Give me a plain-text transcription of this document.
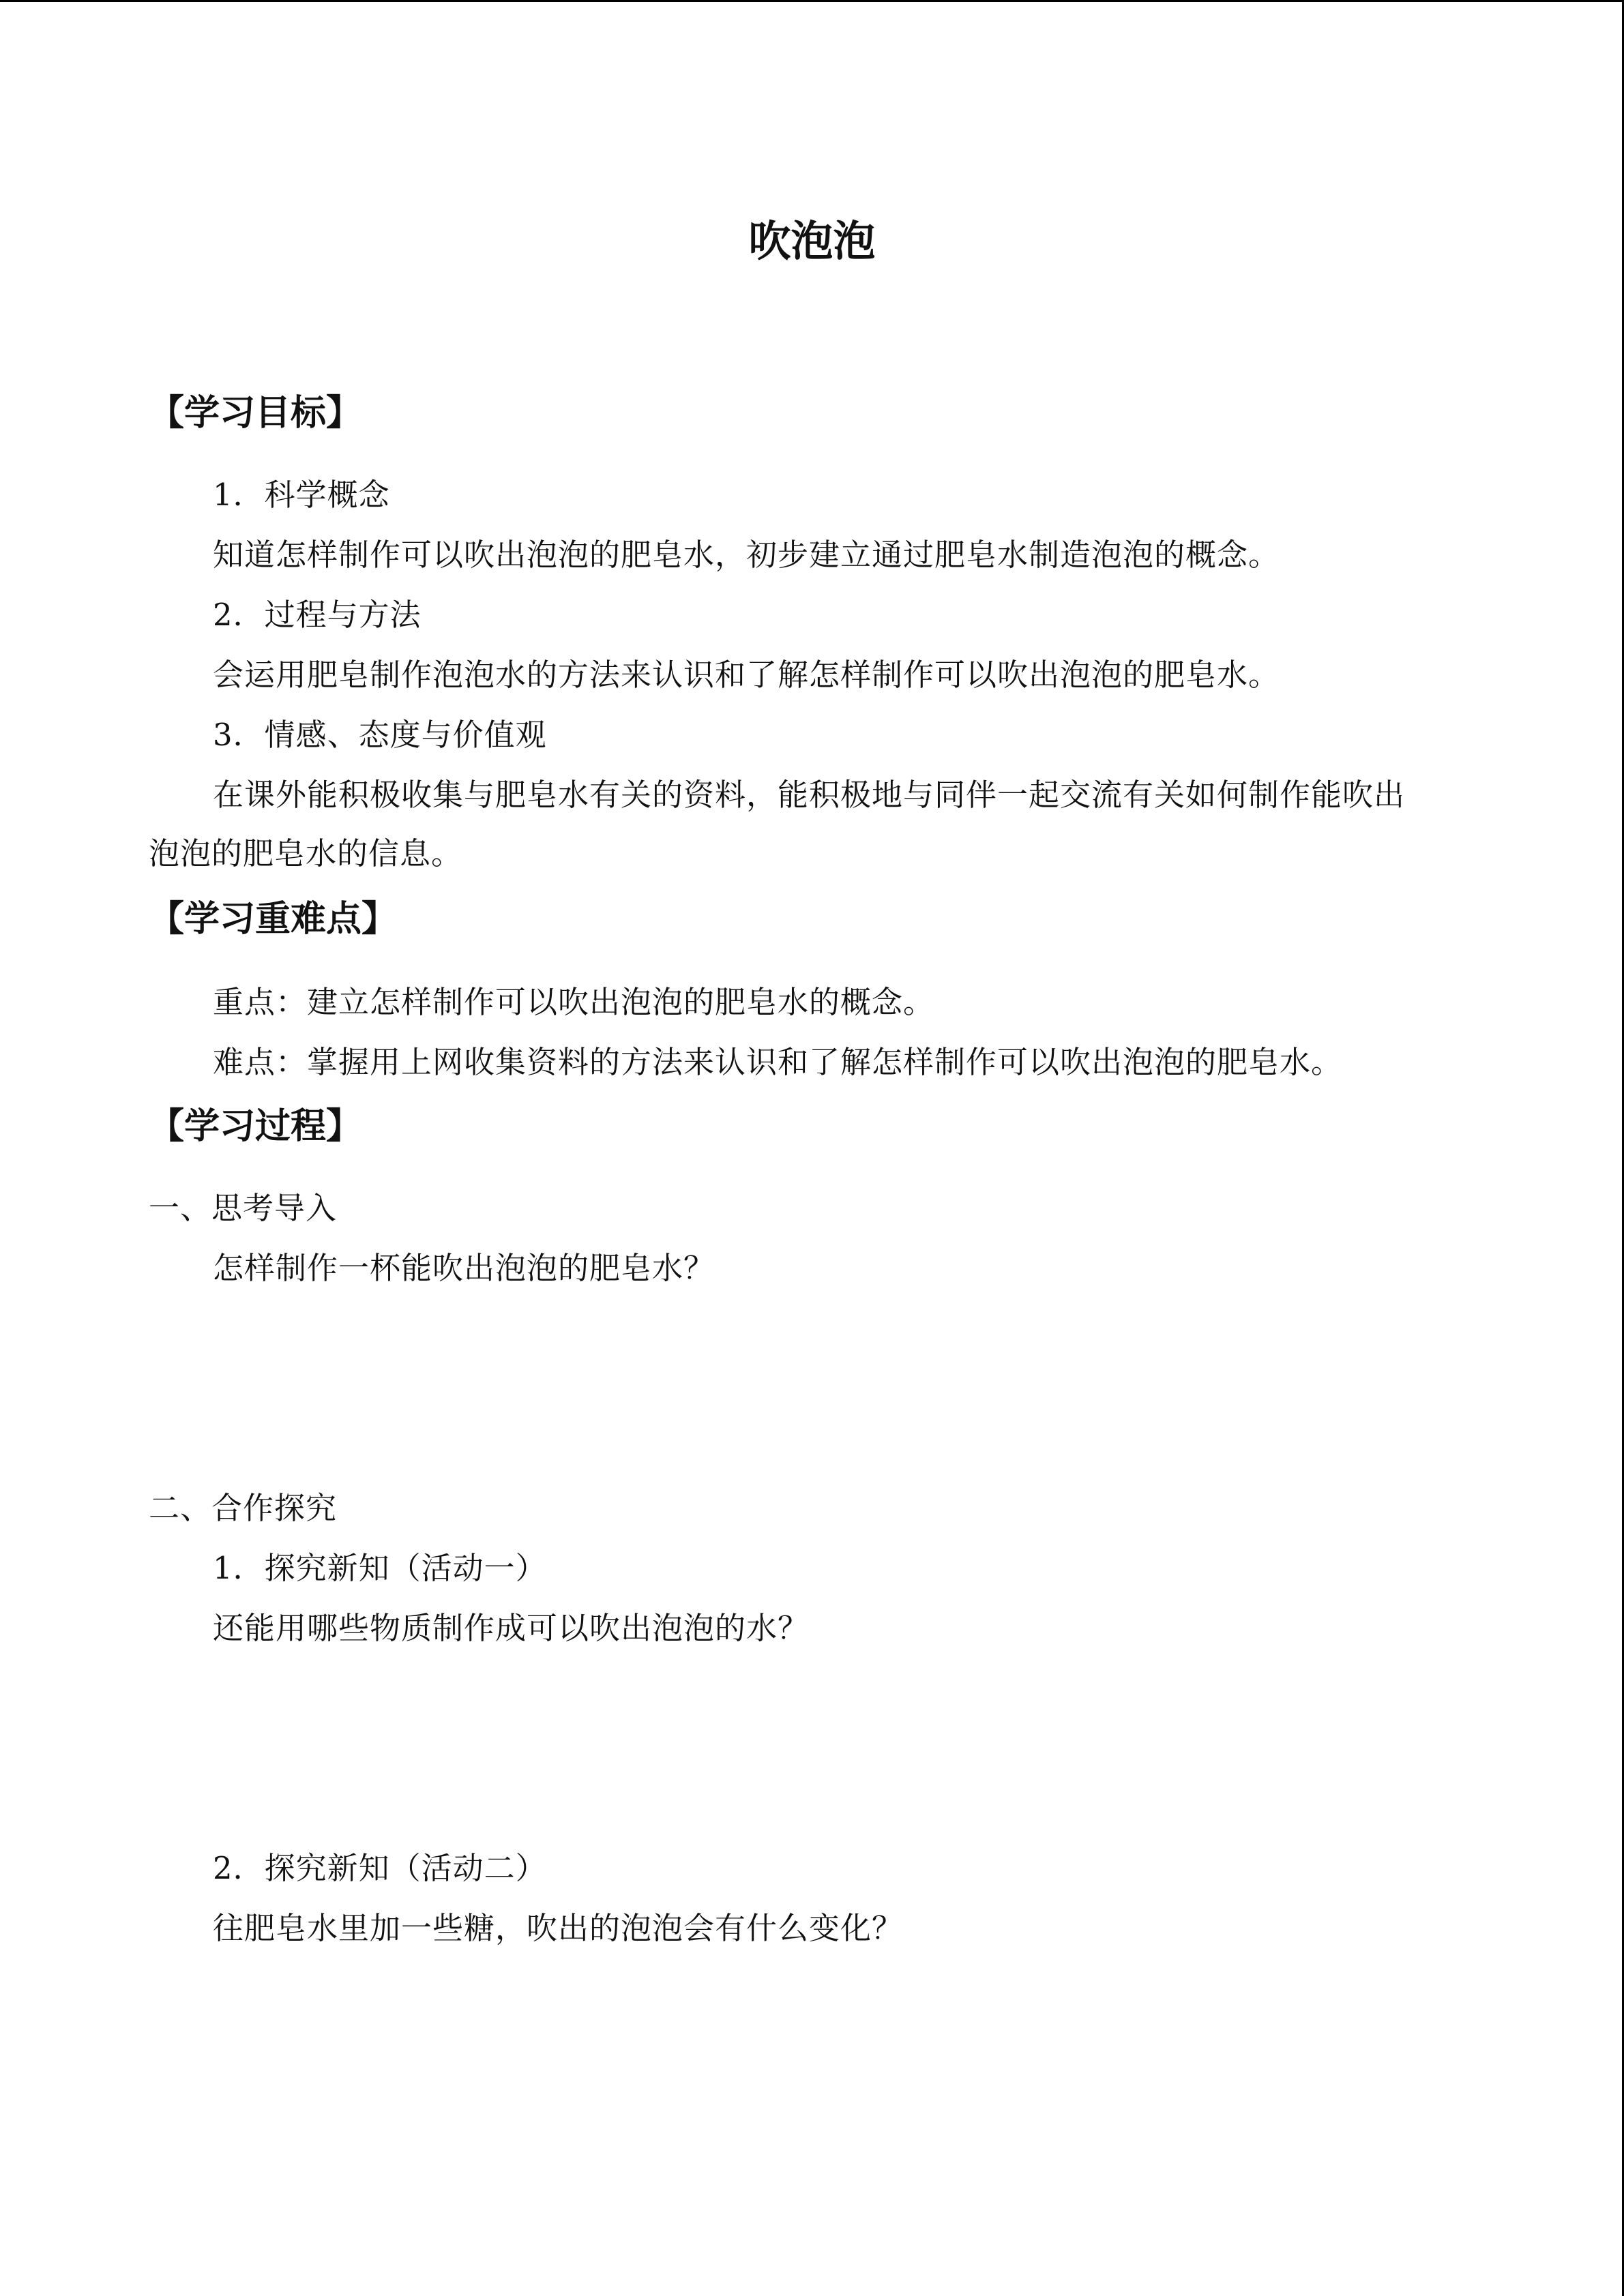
吹泡泡
【学习目标】
1．科学概念
知道怎样制作可以吹出泡泡的肥皂水，初步建立通过肥皂水制造泡泡的概念。
2．过程与方法
会运用肥皂制作泡泡水的方法来认识和了解怎样制作可以吹出泡泡的肥皂水。
3．情感、态度与价值观
在课外能积极收集与肥皂水有关的资料，能积极地与同伴一起交流有关如何制作能吹出
泡泡的肥皂水的信息。
【学习重难点】
重点：建立怎样制作可以吹出泡泡的肥皂水的概念。
难点：掌握用上网收集资料的方法来认识和了解怎样制作可以吹出泡泡的肥皂水。
【学习过程】
一、思考导入
怎样制作一杯能吹出泡泡的肥皂水？
二、合作探究
1．探究新知（活动一）
还能用哪些物质制作成可以吹出泡泡的水？
2．探究新知（活动二）
往肥皂水里加一些糖，吹出的泡泡会有什么变化？
